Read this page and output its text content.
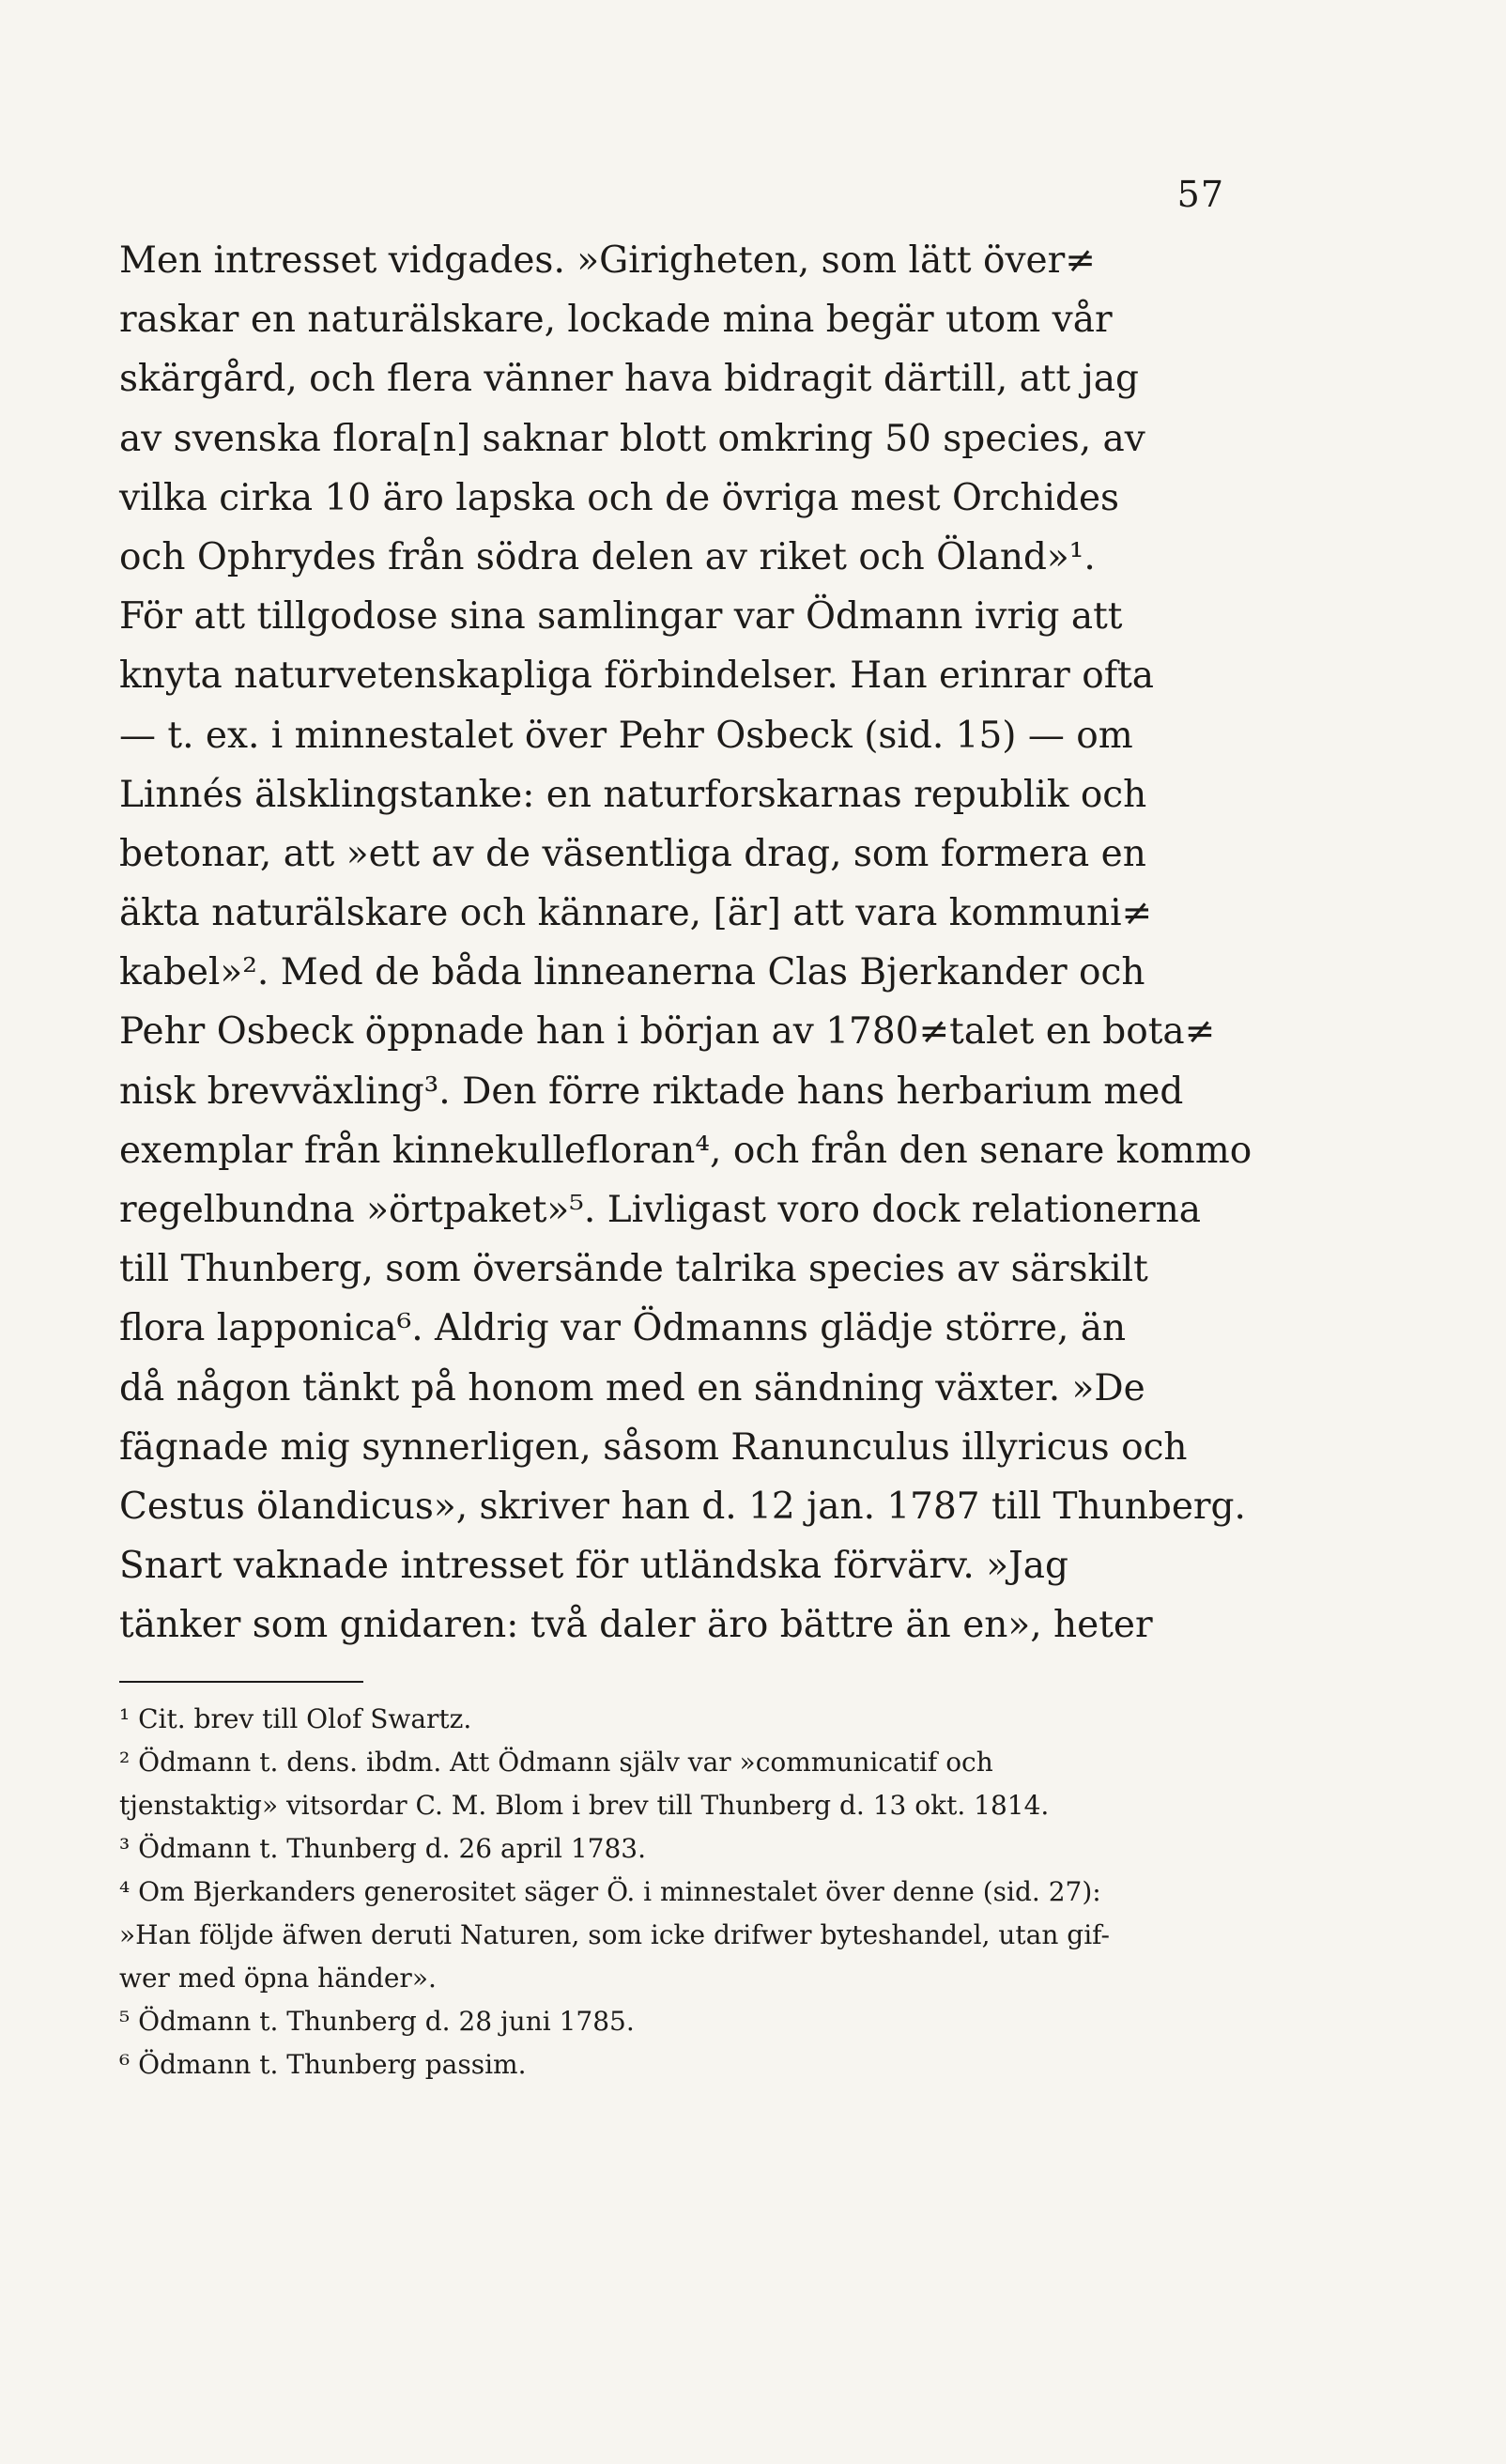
57
Men intresset vidgades. »Girigheten, som lätt över≠
raskar en naturälskare, lockade mina begär utom vår
skärgård, och flera vänner hava bidragit därtill, att jag
av svenska flora[n] saknar blott omkring 50 species, av
vilka cirka 10 äro lapska och de övriga mest Orchides
och Ophrydes från södra delen av riket och Öland»¹.
För att tillgodose sina samlingar var Ödmann ivrig att
knyta naturvetenskapliga förbindelser. Han erinrar ofta
— t. ex. i minnestalet över Pehr Osbeck (sid. 15) — om
Linnés älsklingstanke: en naturforskarnas republik och
betonar, att »ett av de väsentliga drag, som formera en
äkta naturälskare och kännare, [är] att vara kommuni≠
kabel»². Med de båda linneanerna Clas Bjerkander och
Pehr Osbeck öppnade han i början av 1780≠talet en bota≠
nisk brevväxling³. Den förre riktade hans herbarium med
exemplar från kinnekullefloran⁴, och från den senare kommo
regelbundna »örtpaket»⁵. Livligast voro dock relationerna
till Thunberg, som översände talrika species av särskilt
flora lapponica⁶. Aldrig var Ödmanns glädje större, än
då någon tänkt på honom med en sändning växter. »De
fägnade mig synnerligen, såsom Ranunculus illyricus och
Cestus ölandicus», skriver han d. 12 jan. 1787 till Thunberg.
Snart vaknade intresset för utländska förvärv. »Jag
tänker som gnidaren: två daler äro bättre än en», heter
¹ Cit. brev till Olof Swartz.
² Ödmann t. dens. ibdm. Att Ödmann själv var »communicatif och
tjenstaktig» vitsordar C. M. Blom i brev till Thunberg d. 13 okt. 1814.
³ Ödmann t. Thunberg d. 26 april 1783.
⁴ Om Bjerkanders generositet säger Ö. i minnestalet över denne (sid. 27):
»Han följde äfwen deruti Naturen, som icke drifwer byteshandel, utan gif-
wer med öpna händer».
⁵ Ödmann t. Thunberg d. 28 juni 1785.
⁶ Ödmann t. Thunberg passim.
